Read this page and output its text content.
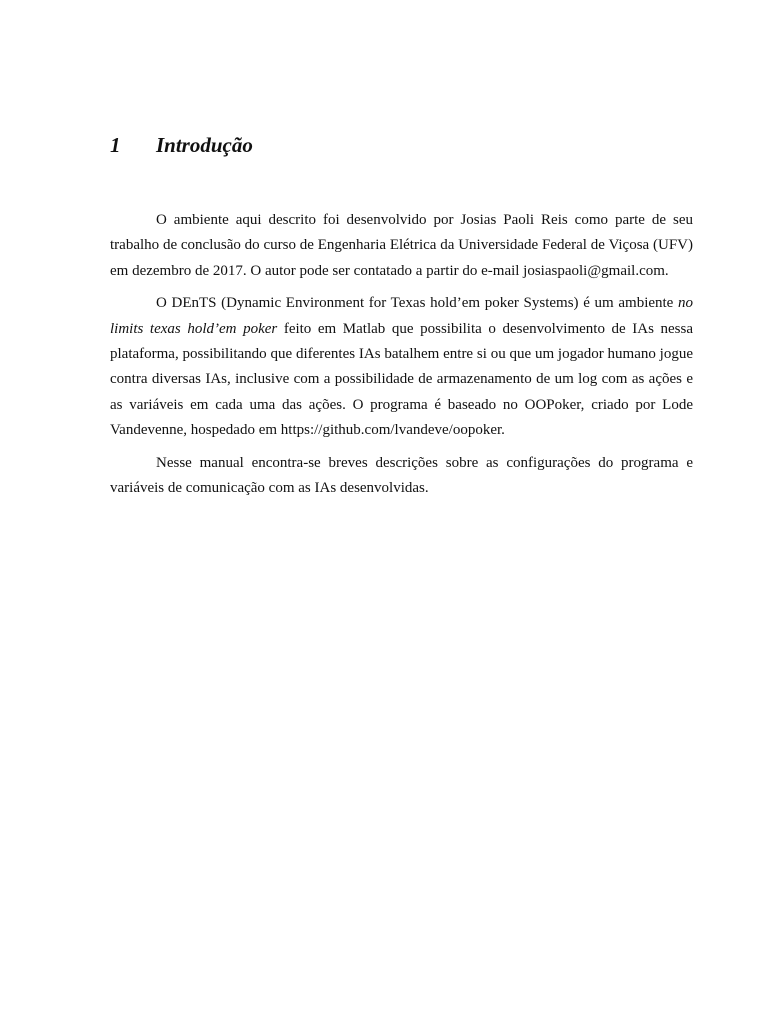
1 Introdução

O ambiente aqui descrito foi desenvolvido por Josias Paoli Reis como parte de seu trabalho de conclusão do curso de Engenharia Elétrica da Universidade Federal de Viçosa (UFV) em dezembro de 2017. O autor pode ser contatado a partir do e-mail josiaspaoli@gmail.com.

O DEnTS (Dynamic Environment for Texas hold’em poker Systems) é um ambiente no limits texas hold’em poker feito em Matlab que possibilita o desenvolvimento de IAs nessa plataforma, possibilitando que diferentes IAs batalhem entre si ou que um jogador humano jogue contra diversas IAs, inclusive com a possibilidade de armazenamento de um log com as ações e as variáveis em cada uma das ações. O programa é baseado no OOPoker, criado por Lode Vandevenne, hospedado em https://github.com/lvandeve/oopoker.

Nesse manual encontra-se breves descrições sobre as configurações do programa e variáveis de comunicação com as IAs desenvolvidas.
